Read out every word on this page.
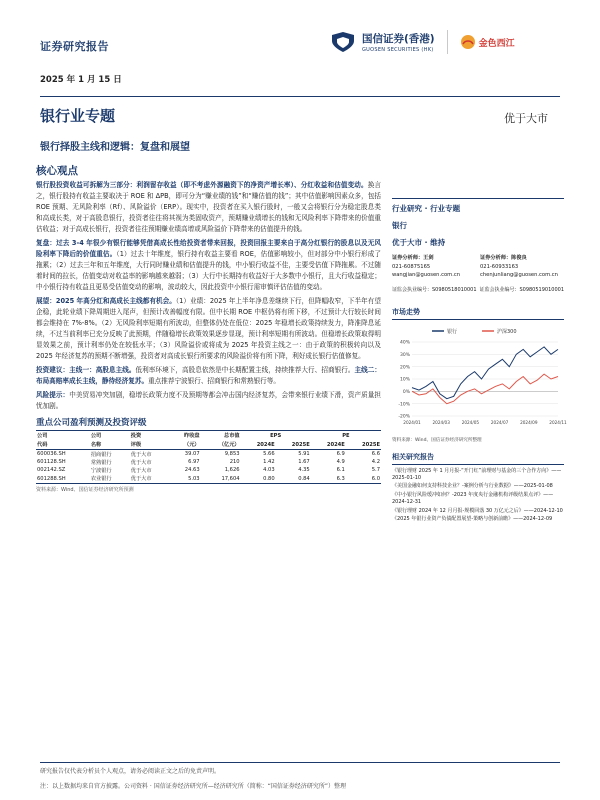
证券研究报告
国信证券(香港)
GUOSEN SECURITIES (HK)
金色西江
2025 年 1 月 15 日
银行业专题	优于大市
银行择股主线和逻辑：复盘和展望
核心观点

银行股投资收益可拆解为三部分：利润留存收益（即不考虑外源融资下的净资产增长率）、分红收益和估值变动。换言之，银行股持有收益主要取决于 ROE 和 ΔPB，即可分为“赚业绩的钱”和“赚估值的钱”；其中估值影响因素众多，包括 ROE 预期、无风险利率（Rf）、风险溢价（ERP）。现实中，投资者在买入银行股时，一般又会将银行分为稳定股息类和高成长类，对于高股息银行，投资者往往将其视为类固收资产，预期赚业绩增长的钱和无风险利率下降带来的价值重估收益；对于高成长银行，投资者往往预期赚业绩高增或风险溢价下降带来的估值提升的钱。

复盘：过去 3-4 年很少有银行能够凭借高成长性给投资者带来回报，投资回报主要来自于高分红银行的股息以及无风险利率下降后的价值重估。（1）过去十年维度，银行持有收益主要看 ROE，估值影响较小，但对部分中小银行形成了拖累；（2）过去三年和五年维度，大行同时赚业绩和估值提升的钱，中小银行收益不佳，主要受估值下降拖累。不过随着时间的拉长，估值变动对收益率的影响越来越弱；（3）大行中长期持有收益好于大多数中小银行，且大行收益稳定；中小银行持有收益且更易受估值变动的影响，波动较大，因此投资中小银行需审慎评估估值的变动。

展望：2025 年高分红和高成长主线都有机会。（1）业绩：2025 年上半年净息差继续下行，但降幅收窄，下半年有望企稳，此轮业绩下降周期进入尾声，但预计改善幅度有限。但中长期 ROE 中枢仍将有所下移，不过预计大行较长时间都会维持在 7%-8%。（2）无风险利率短期有所波动，但整体仍处在低位：2025 年稳增长政策持续发力，降准降息延续，不过当前利率已充分反映了此预期，伴随稳增长政策效果逐步显现，预计利率短期有所波动。但稳增长政策取得明显效果之前，预计利率仍处在较低水平；（3）风险溢价或将成为 2025 年投资主线之一：由于政策的积极转向以及 2025 年经济复苏的预期不断增强，投资者对高成长银行所要求的风险溢价将有所下降，利好成长银行估值修复。

投资建议：主线一：高股息主线。低利率环境下，高股息依然是中长期配置主线，持续推荐大行、招商银行。主线二：布局高赔率成长主线，静待经济复苏。重点推荐宁波银行、招商银行和常熟银行等。

风险提示：中美贸易冲突加剧，稳增长政策力度不及预期等都会冲击国内经济复苏，会带来银行业绩下滑，资产质量担忧加剧。

重点公司盈利预测及投资评级
公司	公司	投资	昨收盘	总市值	EPS		PE	
代码	名称	评级	（元）	（亿元）	2024E	2025E	2024E	2025E
600036.SH	招商银行	优于大市	39.07	9,853	5.66	5.91	6.9	6.6
601128.SH	常熟银行	优于大市	6.97	210	1.42	1.67	4.9	4.2
002142.SZ	宁波银行	优于大市	24.63	1,626	4.03	4.35	6.1	5.7
601288.SH	农业银行	优于大市	5.03	17,604	0.80	0.84	6.3	6.0
资料来源：Wind、国信证券经济研究所预测
行业研究 · 行业专题
银行
优于大市 · 维持
证券分析师：王剑
021-60875165
wangjian@guosen.com.cn
证券分析师：陈俊良
021-60933163
chenjunliang@guosen.com.cn
证监会执业编号：S0980518010001 证监会执业编号：S0980519010001
市场走势
银行	沪深300
40%
30%
20%
10%
0%
-10%
-20%
2024/01	2024/03	2024/05	2024/07	2024/09	2024/11
资料来源：Wind、国信证券经济研究所整理
相关研究报告
《银行理财 2025 年 1 月月报-“开门红”前理财与基金的三个合作方向》——2025-01-10
《美国金融如何支持科技企业？-案例分析与行业数据》——2025-01-08
《中小银行风险缓冲如何？-2023 年度央行金融机构评级结果点评》——2024-12-31
《银行理财 2024 年 12 月月报-规模回落 30 万亿元之后》——2024-12-10
《2025 年银行业资产负债配置展望-策略与创新前瞻》——2024-12-09
研究报告仅代表分析员个人观点，请务必阅读正文之后的免责声明。
注：以上数据均来自官方披露。公司资料 · 国信证券经济研究所—经济研究所（简称：“国信证券经济研究所”）整理
